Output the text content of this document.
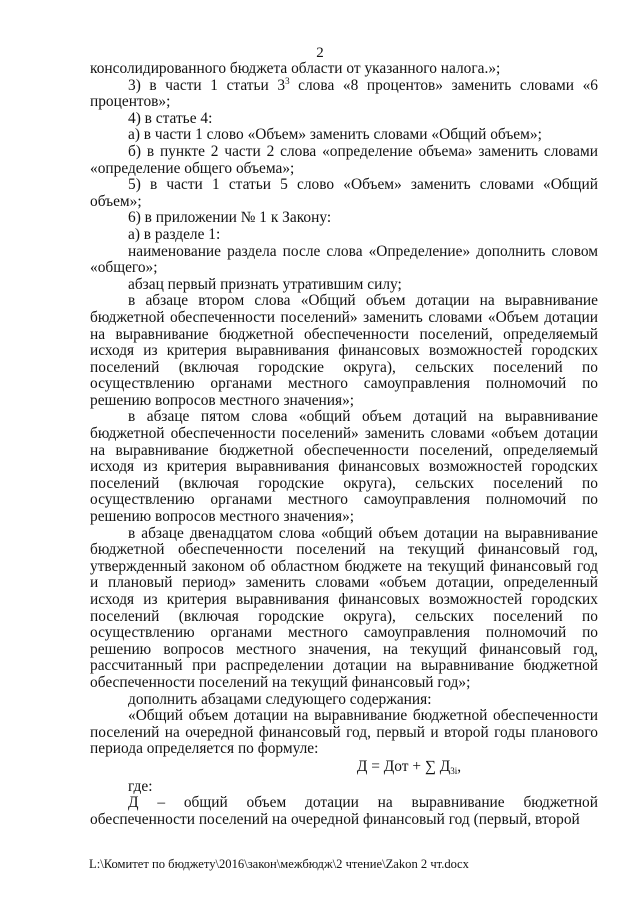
2

консолидированного бюджета области от указанного налога.»;

3) в части 1 статьи $3^3$ слова «8 процентов» заменить словами «6 процентов»;

4) в статье 4:

а) в части 1 слово «Объем» заменить словами «Общий объем»;

б) в пункте 2 части 2 слова «определение объема» заменить словами «определение общего объема»;

5) в части 1 статьи 5 слово «Объем» заменить словами «Общий объем»;

6) в приложении № 1 к Закону:

а) в разделе 1:

наименование раздела после слова «Определение» дополнить словом «общего»;

абзац первый признать утратившим силу;

в абзаце втором слова «Общий объем дотации на выравнивание бюджетной обеспеченности поселений» заменить словами «Объем дотации на выравнивание бюджетной обеспеченности поселений, определяемый исходя из критерия выравнивания финансовых возможностей городских поселений (включая городские округа), сельских поселений по осуществлению органами местного самоуправления полномочий по решению вопросов местного значения»;

в абзаце пятом слова «общий объем дотаций на выравнивание бюджетной обеспеченности поселений» заменить словами «объем дотации на выравнивание бюджетной обеспеченности поселений, определяемый исходя из критерия выравнивания финансовых возможностей городских поселений (включая городские округа), сельских поселений по осуществлению органами местного самоуправления полномочий по решению вопросов местного значения»;

в абзаце двенадцатом слова «общий объем дотации на выравнивание бюджетной обеспеченности поселений на текущий финансовый год, утвержденный законом об областном бюджете на текущий финансовый год и плановый период» заменить словами «объем дотации, определенный исходя из критерия выравнивания финансовых возможностей городских поселений (включая городские округа), сельских поселений по осуществлению органами местного самоуправления полномочий по решению вопросов местного значения, на текущий финансовый год, рассчитанный при распределении дотации на выравнивание бюджетной обеспеченности поселений на текущий финансовый год»;

дополнить абзацами следующего содержания:

«Общий объем дотации на выравнивание бюджетной обеспеченности поселений на очередной финансовый год, первый и второй годы планового периода определяется по формуле:

Д = Дот + ∑ $Д_{3i}$,

где:

Д – общий объем дотации на выравнивание бюджетной обеспеченности поселений на очередной финансовый год (первый, второй

L:\Комитет по бюджету\2016\закон\межбюдж\2 чтение\Zakon 2 чт.docx
